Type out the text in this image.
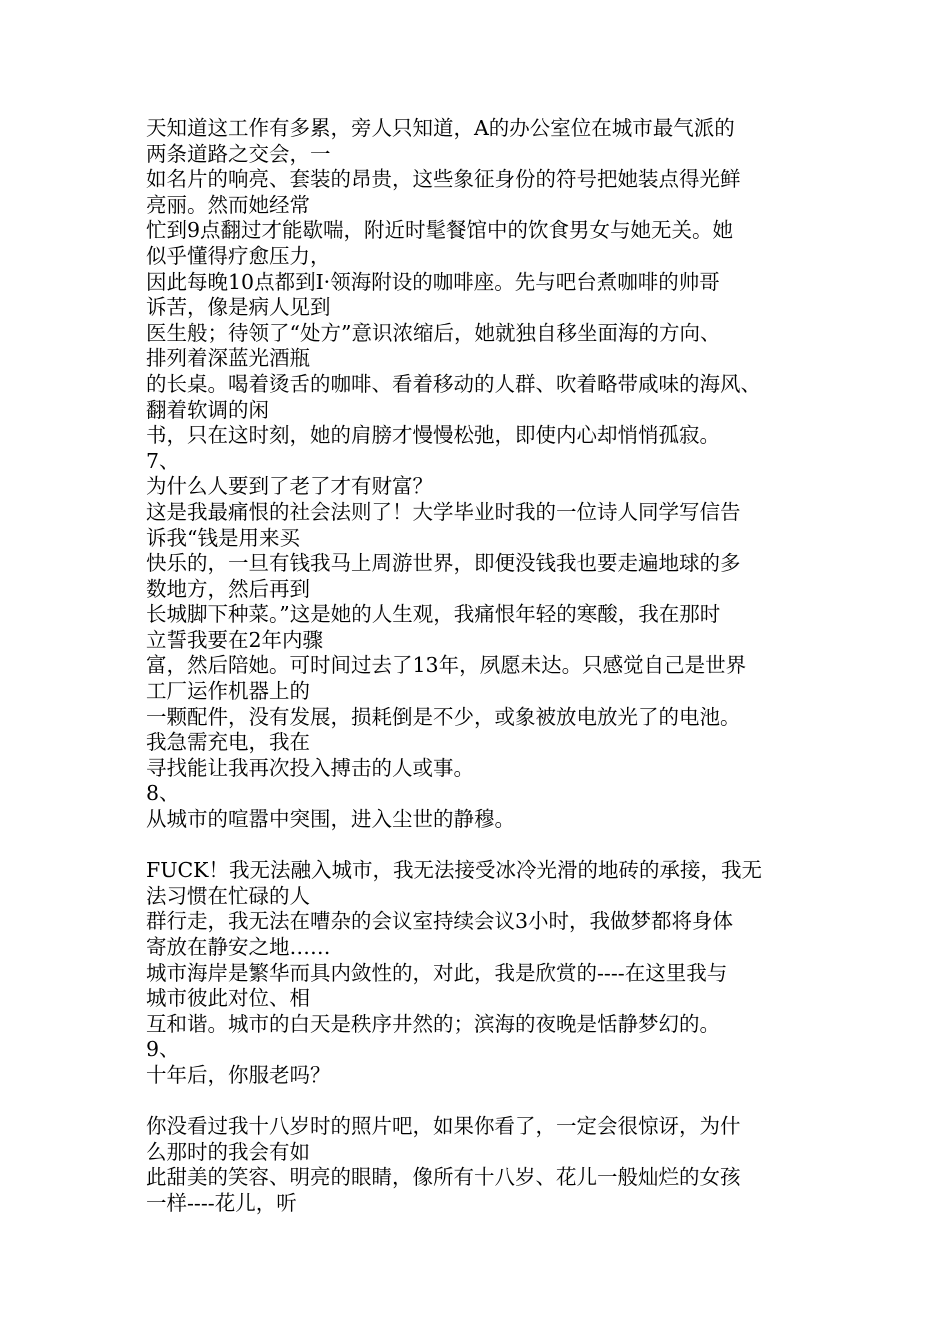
天知道这工作有多累，旁人只知道，A的办公室位在城市最气派的
两条道路之交会，一
如名片的响亮、套装的昂贵，这些象征身份的符号把她装点得光鲜
亮丽。然而她经常
忙到9点翻过才能歇喘，附近时髦餐馆中的饮食男女与她无关。她
似乎懂得疗愈压力，
因此每晚10点都到I·领海附设的咖啡座。先与吧台煮咖啡的帅哥
诉苦，像是病人见到
医生般；待领了“处方”意识浓缩后，她就独自移坐面海的方向、
排列着深蓝光酒瓶
的长桌。喝着烫舌的咖啡、看着移动的人群、吹着略带咸味的海风、
翻着软调的闲
书，只在这时刻，她的肩膀才慢慢松弛，即使内心却悄悄孤寂。
7、
为什么人要到了老了才有财富？
这是我最痛恨的社会法则了！大学毕业时我的一位诗人同学写信告
诉我“钱是用来买
快乐的，一旦有钱我马上周游世界，即便没钱我也要走遍地球的多
数地方，然后再到
长城脚下种菜。”这是她的人生观，我痛恨年轻的寒酸，我在那时
立誓我要在2年内骤
富，然后陪她。可时间过去了13年，夙愿未达。只感觉自己是世界
工厂运作机器上的
一颗配件，没有发展，损耗倒是不少，或象被放电放光了的电池。
我急需充电，我在
寻找能让我再次投入搏击的人或事。
8、
从城市的喧嚣中突围，进入尘世的静穆。
FUCK！我无法融入城市，我无法接受冰冷光滑的地砖的承接，我无
法习惯在忙碌的人
群行走，我无法在嘈杂的会议室持续会议3小时，我做梦都将身体
寄放在静安之地……
城市海岸是繁华而具内敛性的，对此，我是欣赏的----在这里我与
城市彼此对位、相
互和谐。城市的白天是秩序井然的；滨海的夜晚是恬静梦幻的。
9、
十年后，你服老吗？
你没看过我十八岁时的照片吧，如果你看了，一定会很惊讶，为什
么那时的我会有如
此甜美的笑容、明亮的眼睛，像所有十八岁、花儿一般灿烂的女孩
一样----花儿，听
